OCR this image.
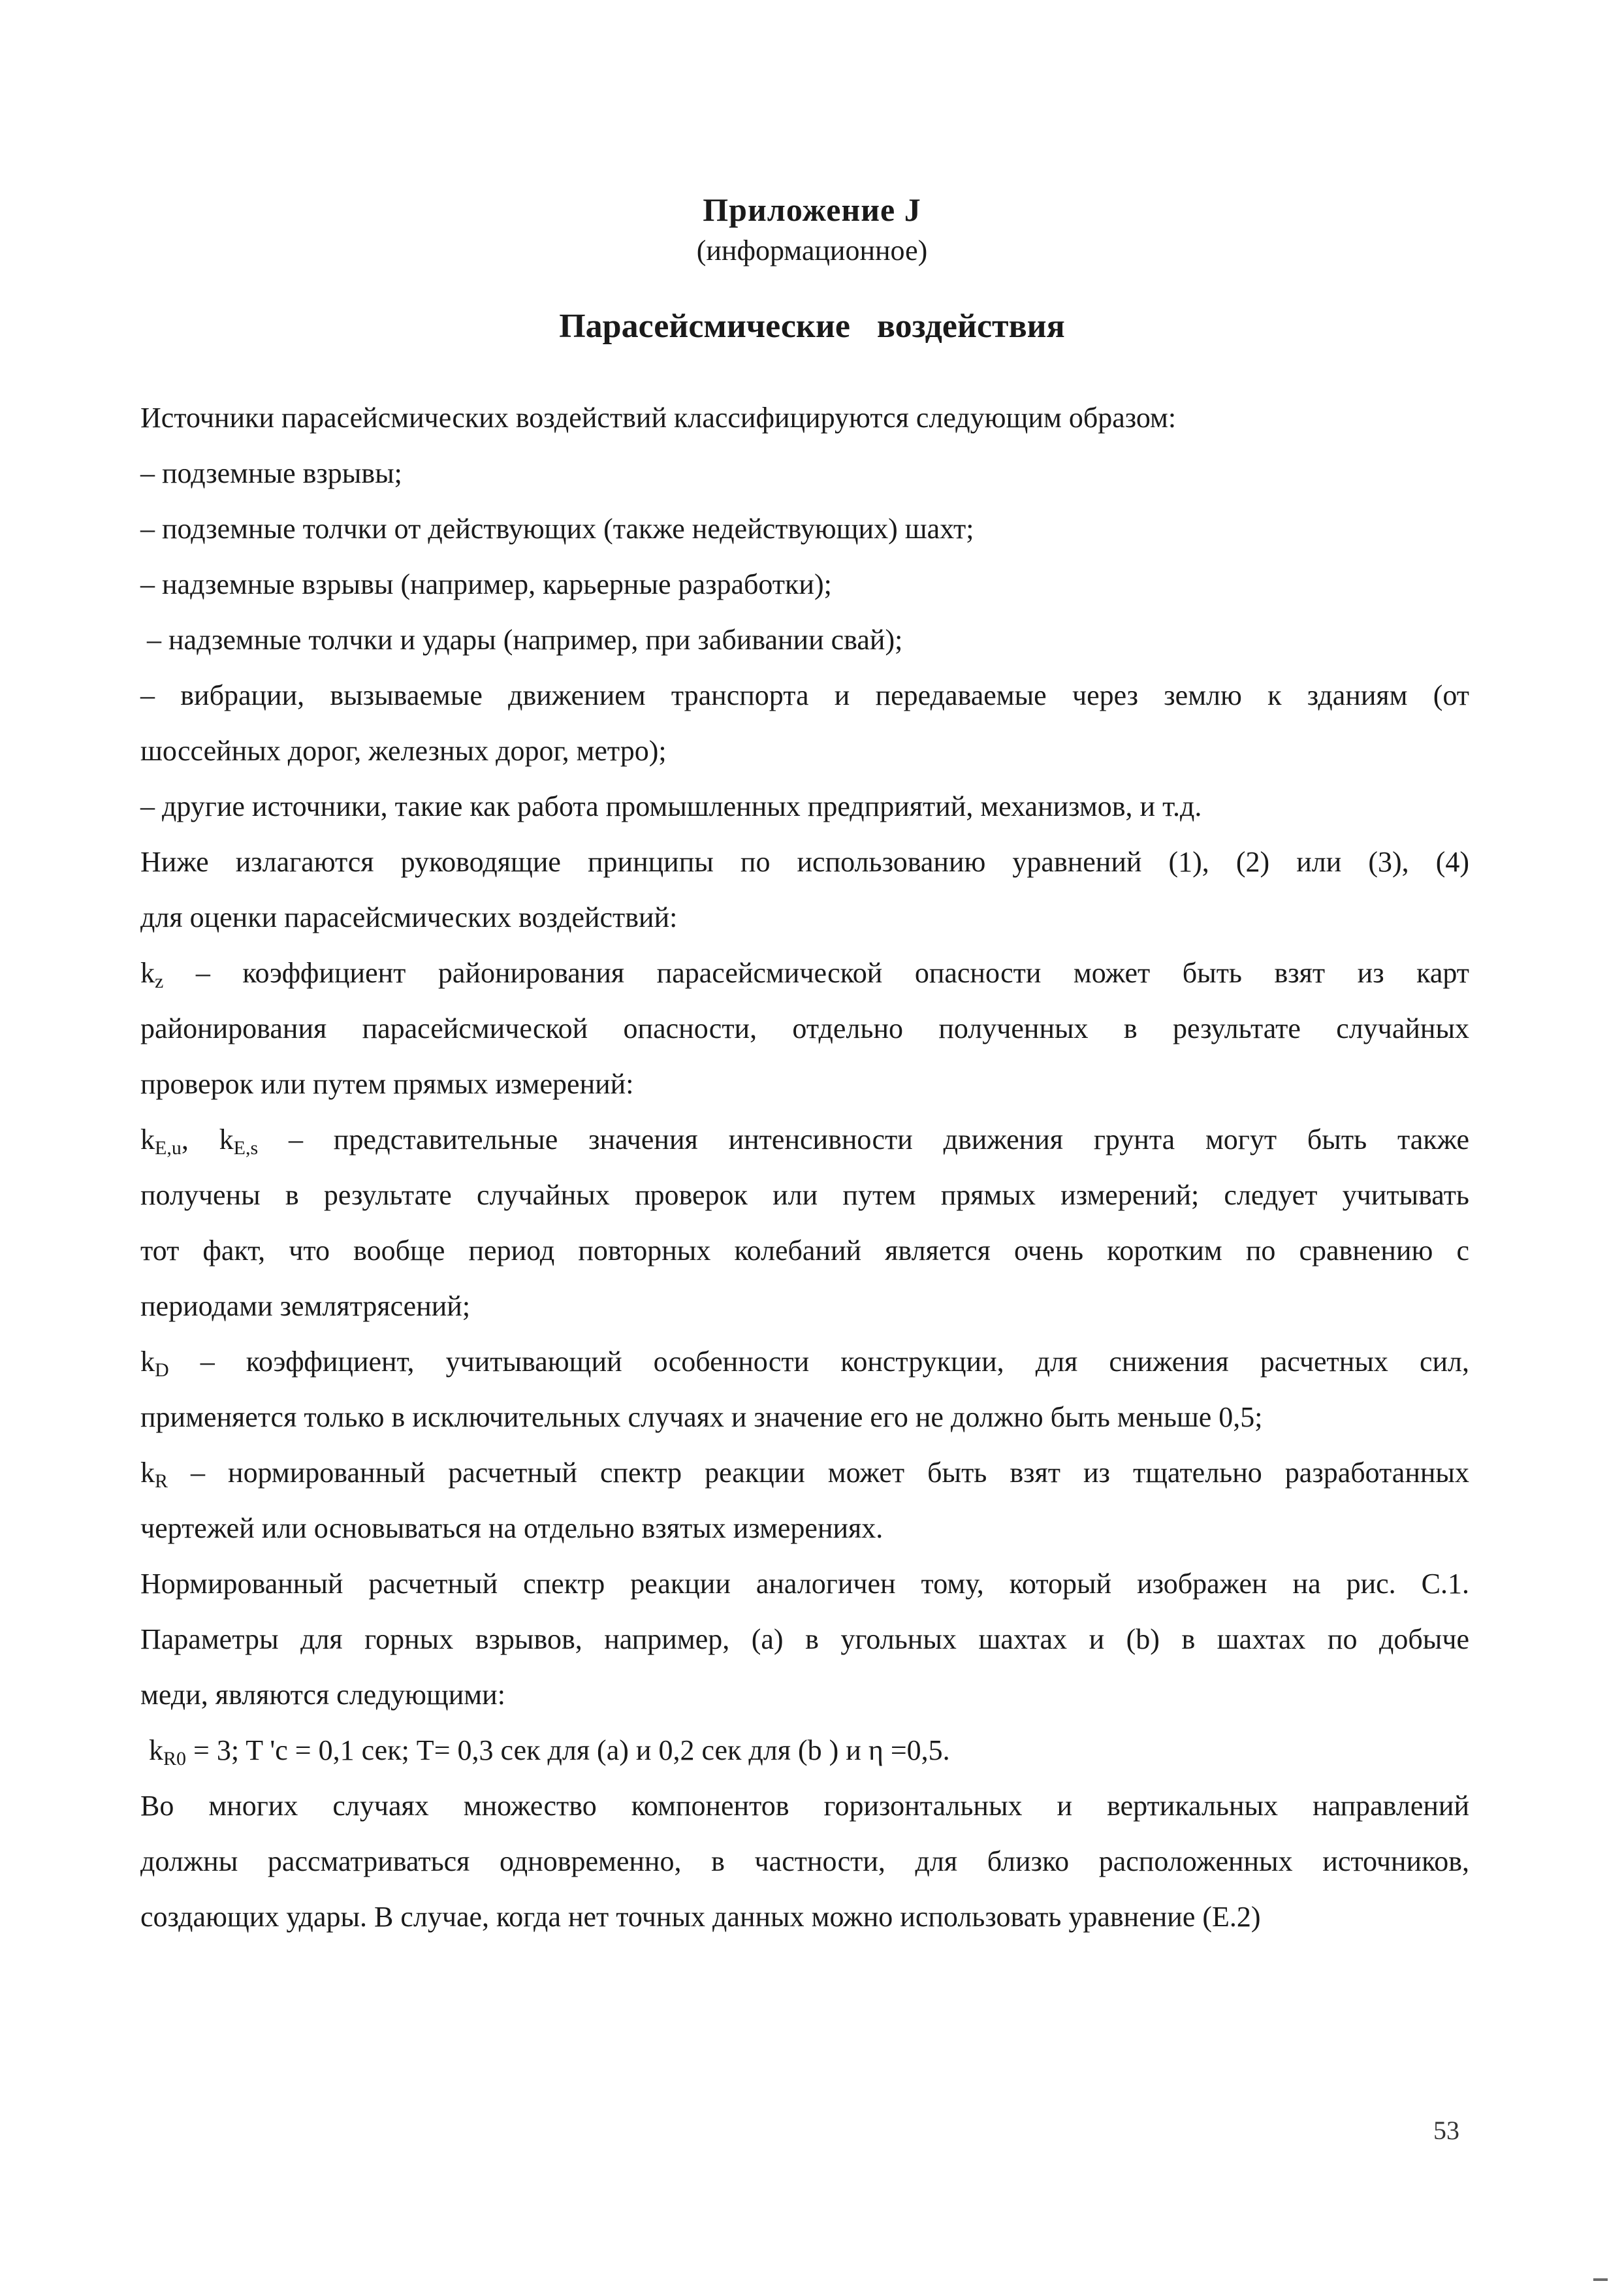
Приложение J
(информационное)
Парасейсмические воздействия
Источники парасейсмических воздействий классифицируются следующим образом:
– подземные взрывы;
– подземные толчки от действующих (также недействующих) шахт;
– надземные взрывы (например, карьерные разработки);
– надземные толчки и удары (например, при забивании свай);
– вибрации, вызываемые движением транспорта и передаваемые через землю к зданиям (от
шоссейных дорог, железных дорог, метро);
– другие источники, такие как работа промышленных предприятий, механизмов, и т.д.
Ниже излагаются руководящие принципы по использованию уравнений (1), (2) или (3), (4)
для оценки парасейсмических воздействий:
$k_z$ – коэффициент районирования парасейсмической опасности может быть взят из карт
районирования парасейсмической опасности, отдельно полученных в результате случайных
проверок или путем прямых измерений:
$k_{E,u}$, $k_{E,s}$ – представительные значения интенсивности движения грунта могут быть также
получены в результате случайных проверок или путем прямых измерений; следует учитывать
тот факт, что вообще период повторных колебаний является очень коротким по сравнению с
периодами землятрясений;
$k_D$ – коэффициент, учитывающий особенности конструкции, для снижения расчетных сил,
применяется только в исключительных случаях и значение его не должно быть меньше 0,5;
$k_R$ – нормированный расчетный спектр реакции может быть взят из тщательно разработанных
чертежей или основываться на отдельно взятых измерениях.
Нормированный расчетный спектр реакции аналогичен тому, который изображен на рис. C.1.
Параметры для горных взрывов, например, (a) в угольных шахтах и (b) в шахтах по добыче
меди, являются следующими:
$k_{R0} = 3$; T 'c = 0,1 сек; T= 0,3 сек для (a) и 0,2 сек для (b ) и η =0,5.
Во многих случаях множество компонентов горизонтальных и вертикальных направлений
должны рассматриваться одновременно, в частности, для близко расположенных источников,
создающих удары. В случае, когда нет точных данных можно использовать уравнение (E.2)
53
